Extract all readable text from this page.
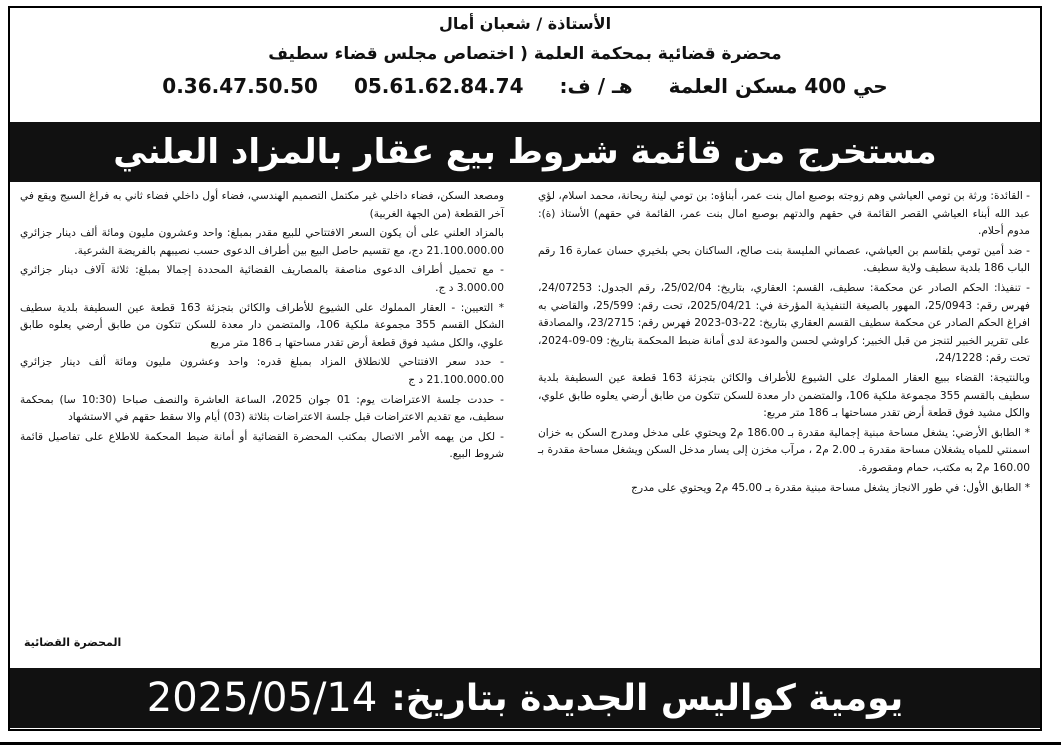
الأستاذة / شعبان أمال
محضرة قضائية بمحكمة العلمة ( اختصاص مجلس قضاء سطيف
حي 400 مسكن العلمة
هـ / ف:
05.61.62.84.74
0.36.47.50.50
مستخرج من قائمة شروط بيع عقار بالمزاد العلني

- القائدة: ورثة بن تومي العياشي وهم زوجته بوصبع امال بنت عمر، أبناؤه: بن تومي لينة ريحانة، محمد اسلام، لؤي عبد الله أبناء العياشي القصر القائمة في حقهم والدتهم بوصبع امال بنت عمر، القائمة في حقهم) الأستاذ (ة): مدوم أحلام.

- ضد أمين تومي بلقاسم بن العياشي، عصماني المليسة بنت صالح، الساكنان بحي بلخيري حسان عمارة 16 رقم الباب 186 بلدية سطيف ولاية سطيف.

- تنفيذا: الحكم الصادر عن محكمة: سطيف، القسم: العقاري، بتاريخ: 25/02/04، رقم الجدول: 24/07253، فهرس رقم: 25/0943، المهور بالصيغة التنفيذية المؤرخة في: 2025/04/21، تحت رقم: 25/599، والقاضي به افراغ الحكم الصادر عن محكمة سطيف القسم العقاري بتاريخ: 22-03-2023 فهرس رقم: 23/2715، والمصادقة على تقرير الخبير لتنجز من قبل الخبير: كراوشي لحسن والمودعة لدى أمانة ضبط المحكمة بتاريخ: 09-09-2024، تحت رقم: 24/1228،

وبالنتيجة: القضاء ببيع العقار المملوك على الشيوع للأطراف والكائن بتجزئة 163 قطعة عين السطيفة بلدية سطيف بالقسم 355 مجموعة ملكية 106، والمتضمن دار معدة للسكن تتكون من طابق أرضي يعلوه طابق علوي، والكل مشيد فوق قطعة أرض تقدر مساحتها بـ 186 متر مربع:

* الطابق الأرضي: يشغل مساحة مبنية إجمالية مقدرة بـ 186.00 م2 ويحتوي على مدخل ومدرج السكن به خزان اسمنتي للمياه يشغلان مساحة مقدرة بـ 2.00 م2 ، مرآب مخزن إلى يسار مدخل السكن ويشغل مساحة مقدرة بـ 160.00 م2 به مكتب، حمام ومقصورة.

* الطابق الأول: في طور الانجاز يشغل مساحة مبنية مقدرة بـ 45.00 م2 ويحتوي على مدرج

ومصعد السكن، فضاء داخلي غير مكتمل التصميم الهندسي، فضاء أول داخلي فضاء ثاني به فراغ السيج ويقع في آخر القطعة (من الجهة الغربية)

بالمزاد العلني على أن يكون السعر الافتتاحي للبيع مقدر بمبلغ: واحد وعشرون مليون ومائة ألف دينار جزائري 21.100.000.00 دج، مع تقسيم حاصل البيع بين أطراف الدعوى حسب نصيبهم بالفريضة الشرعية.

- مع تحميل أطراف الدعوى مناصفة بالمصاريف القضائية المحددة إجمالا بمبلغ: ثلاثة آلاف دينار جزائري 3.000.00 د ج.

* التعيين: - العقار المملوك على الشيوع للأطراف والكائن بتجزئة 163 قطعة عين السطيفة بلدية سطيف الشكل القسم 355 مجموعة ملكية 106، والمتضمن دار معدة للسكن تتكون من طابق أرضي يعلوه طابق علوي، والكل مشيد فوق قطعة أرض تقدر مساحتها بـ 186 متر مربع

- حدد سعر الافتتاحي للانطلاق المزاد بمبلغ قدره: واحد وعشرون مليون ومائة ألف دينار جزائري 21.100.000.00 د ج

- حددت جلسة الاعتراضات يوم: 01 جوان 2025، الساعة العاشرة والنصف صباحا (10:30 سا) بمحكمة سطيف، مع تقديم الاعتراضات قبل جلسة الاعتراضات بثلاثة (03) أيام والا سقط حقهم في الاستشهاد

- لكل من يهمه الأمر الاتصال بمكتب المحضرة القضائية أو أمانة ضبط المحكمة للاطلاع على تفاصيل قائمة شروط البيع.

المحضرة القضائية
يومية كواليس الجديدة بتاريخ:
2025/05/14
